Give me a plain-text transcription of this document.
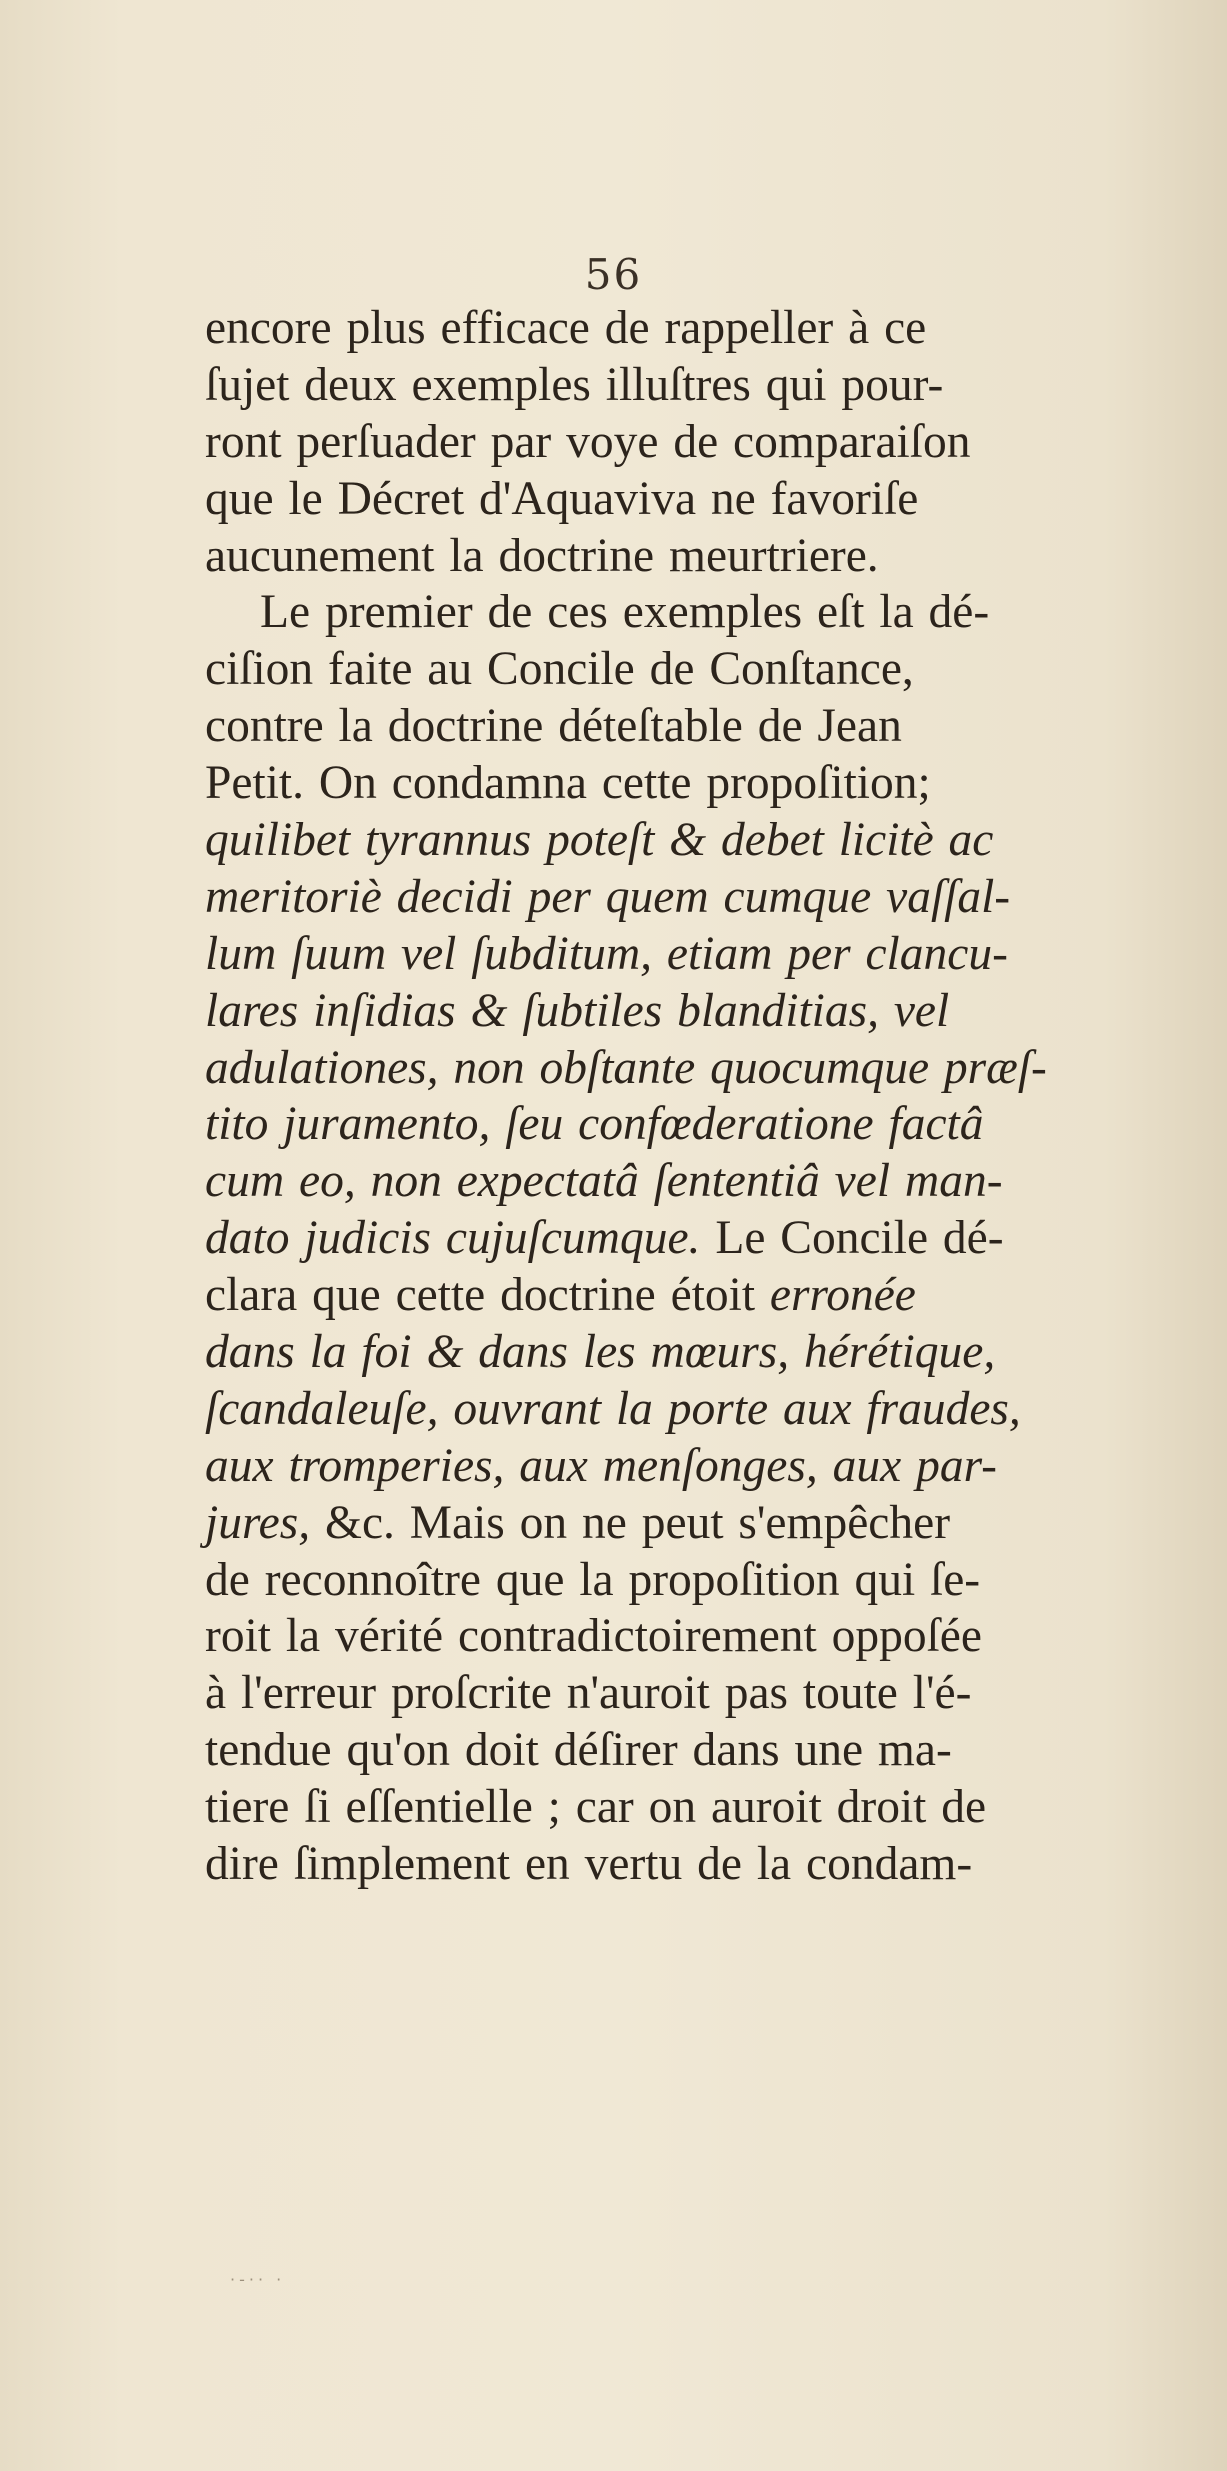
56
encore plus efficace de rappeller à ce
ſujet deux exemples illuſtres qui pour-
ront perſuader par voye de comparaiſon
que le Décret d'Aquaviva ne favoriſe
aucunement la doctrine meurtriere.
Le premier de ces exemples eſt la dé-
ciſion faite au Concile de Conſtance,
contre la doctrine déteſtable de Jean
Petit. On condamna cette propoſition;
quilibet tyrannus poteſt & debet licitè ac
meritoriè decidi per quem cumque vaſſal-
lum ſuum vel ſubditum, etiam per clancu-
lares inſidias & ſubtiles blanditias, vel
adulationes, non obſtante quocumque præſ-
tito juramento, ſeu confœderatione factâ
cum eo, non expectatâ ſententiâ vel man-
dato judicis cujuſcumque. Le Concile dé-
clara que cette doctrine étoit erronée
dans la foi & dans les mœurs, hérétique,
ſcandaleuſe, ouvrant la porte aux fraudes,
aux tromperies, aux menſonges, aux par-
jures, &c. Mais on ne peut s'empêcher
de reconnoître que la propoſition qui ſe-
roit la vérité contradictoirement oppoſée
à l'erreur proſcrite n'auroit pas toute l'é-
tendue qu'on doit déſirer dans une ma-
tiere ſi eſſentielle ; car on auroit droit de
dire ſimplement en vertu de la condam-
·-·· ·
